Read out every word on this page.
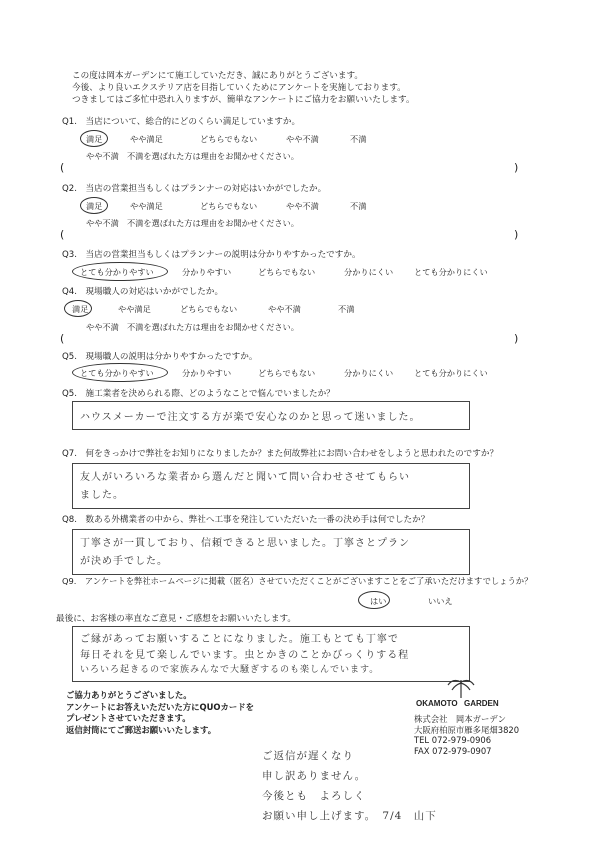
この度は岡本ガーデンにて施工していただき、誠にありがとうございます。
今後、より良いエクステリア店を目指していくためにアンケートを実施しております。
つきましてはご多忙中恐れ入りますが、簡単なアンケートにご協力をお願いいたします。
Q1.　当店について、総合的にどのくらい満足していますか。
満足	やや満足	どちらでもない	やや不満	不満
やや不満　不満を選ばれた方は理由をお聞かせください。
(	)
Q2.　当店の営業担当もしくはプランナーの対応はいかがでしたか。
満足	やや満足	どちらでもない	やや不満	不満
やや不満　不満を選ばれた方は理由をお聞かせください。
(	)
Q3.　当店の営業担当もしくはプランナーの説明は分かりやすかったですか。
とても分かりやすい	分かりやすい	どちらでもない	分かりにくい	とても分かりにくい
Q4.　現場職人の対応はいかがでしたか。
満足	やや満足	どちらでもない	やや不満	不満
やや不満　不満を選ばれた方は理由をお聞かせください。
(	)
Q5.　現場職人の説明は分かりやすかったですか。
とても分かりやすい	分かりやすい	どちらでもない	分かりにくい	とても分かりにくい
Q5.　施工業者を決められる際、どのようなことで悩んでいましたか？
ハウスメーカーで注文する方が楽で安心なのかと思って迷いました。
Q7.　何をきっかけで弊社をお知りになりましたか？また何故弊社にお問い合わせをしようと思われたのですか？
友人がいろいろな業者から選んだと聞いて問い合わせさせてもらい
ました。
Q8.　数ある外構業者の中から、弊社へ工事を発注していただいた一番の決め手は何でしたか？
丁寧さが一貫しており、信頼できると思いました。丁寧さとプラン
が決め手でした。
Q9.　アンケートを弊社ホームページに掲載（匿名）させていただくことがございますことをご了承いただけますでしょうか？
はい	いいえ
最後に、お客様の率直なご意見・ご感想をお願いいたします。
ご縁があってお願いすることになりました。施工もとても丁寧で
毎日それを見て楽しんでいます。虫とかきのことかびっくりする程
いろいろ起きるので家族みんなで大騒ぎするのも楽しんでいます。
ご協力ありがとうございました。
アンケートにお答えいただいた方にQUOカードを
プレゼントさせていただきます。
返信封筒にてご郵送お願いいたします。
OKAMOTO GARDEN
株式会社　岡本ガーデン
大阪府柏原市雁多尾畑3820
TEL 072-979-0906
FAX 072-979-0907
ご返信が遅くなり
申し訳ありません。
今後とも　よろしく
お願い申し上げます。　7/4　山下
